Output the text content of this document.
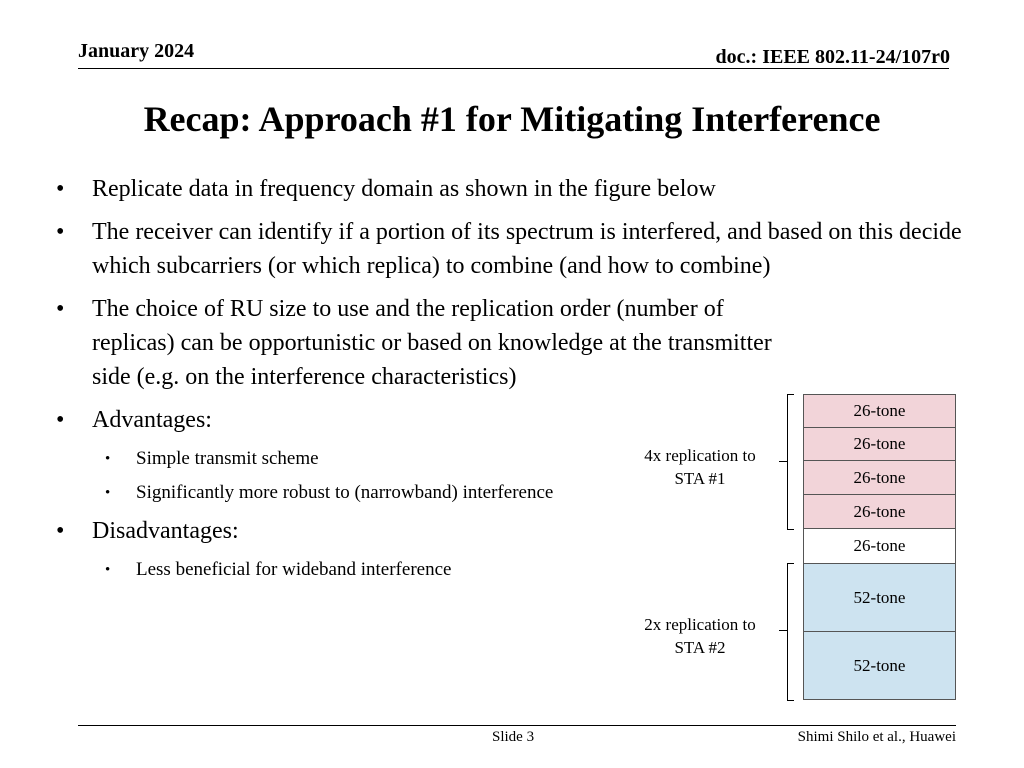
January 2024	doc.: IEEE 802.11-24/107r0
Recap: Approach #1 for Mitigating Interference
• Replicate data in frequency domain as shown in the figure below
• The receiver can identify if a portion of its spectrum is interfered, and based on this decide which subcarriers (or which replica) to combine (and how to combine)
• The choice of RU size to use and the replication order (number of replicas) can be opportunistic or based on knowledge at the transmitter
side (e.g. on the interference characteristics)
• Advantages:
• Simple transmit scheme
• Significantly more robust to (narrowband) interference
• Disadvantages:
• Less beneficial for wideband interference
26-tone
26-tone
26-tone
26-tone
26-tone
52-tone
52-tone
4x replication to
STA #1
2x replication to
STA #2
Slide 3	Shimi Shilo et al., Huawei
